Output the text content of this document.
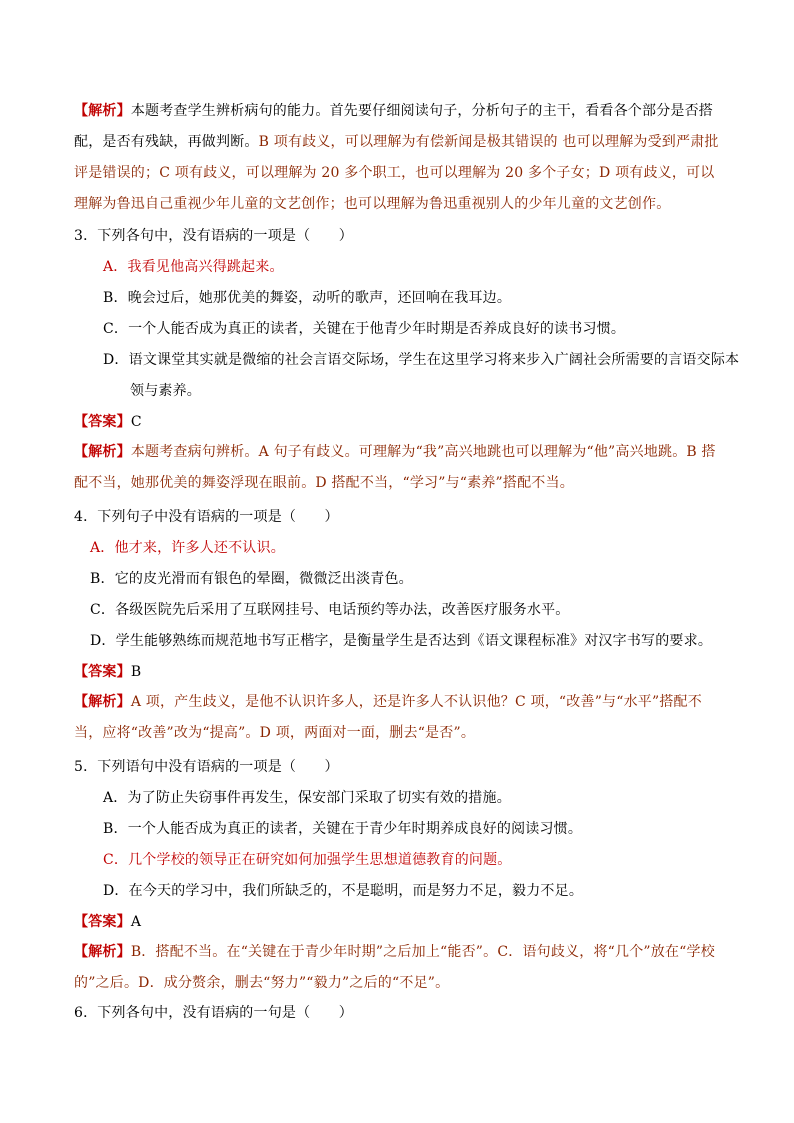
【解析】本题考查学生辨析病句的能力。首先要仔细阅读句子，分析句子的主干，看看各个部分是否搭配，是否有残缺，再做判断。B 项有歧义，可以理解为有偿新闻是极其错误的 也可以理解为受到严肃批评是错误的；C 项有歧义，可以理解为 20 多个职工，也可以理解为 20 多个子女；D 项有歧义，可以理解为鲁迅自己重视少年儿童的文艺创作；也可以理解为鲁迅重视别人的少年儿童的文艺创作。
3．下列各句中，没有语病的一项是（　　）
A．我看见他高兴得跳起来。
B．晚会过后，她那优美的舞姿，动听的歌声，还回响在我耳边。
C．一个人能否成为真正的读者，关键在于他青少年时期是否养成良好的读书习惯。
D．语文课堂其实就是微缩的社会言语交际场，学生在这里学习将来步入广阔社会所需要的言语交际本
领与素养。
【答案】C
【解析】本题考查病句辨析。A 句子有歧义。可理解为“我”高兴地跳也可以理解为“他”高兴地跳。B 搭配不当，她那优美的舞姿浮现在眼前。D 搭配不当，“学习”与“素养”搭配不当。
4．下列句子中没有语病的一项是（　　）
A．他才来，许多人还不认识。
B．它的皮光滑而有银色的晕圈，微微泛出淡青色。
C．各级医院先后采用了互联网挂号、电话预约等办法，改善医疗服务水平。
D．学生能够熟练而规范地书写正楷字，是衡量学生是否达到《语文课程标准》对汉字书写的要求。
【答案】B
【解析】A 项，产生歧义，是他不认识许多人，还是许多人不认识他？C 项，“改善”与“水平”搭配不当，应将“改善”改为“提高”。D 项，两面对一面，删去“是否”。
5．下列语句中没有语病的一项是（　　）
A．为了防止失窃事件再发生，保安部门采取了切实有效的措施。
B．一个人能否成为真正的读者，关键在于青少年时期养成良好的阅读习惯。
C．几个学校的领导正在研究如何加强学生思想道德教育的问题。
D．在今天的学习中，我们所缺乏的，不是聪明，而是努力不足，毅力不足。
【答案】A
【解析】B．搭配不当。在“关键在于青少年时期”之后加上“能否”。C．语句歧义，将“几个”放在“学校的”之后。D．成分赘余，删去“努力”“毅力”之后的“不足”。
6．下列各句中，没有语病的一句是（　　）
